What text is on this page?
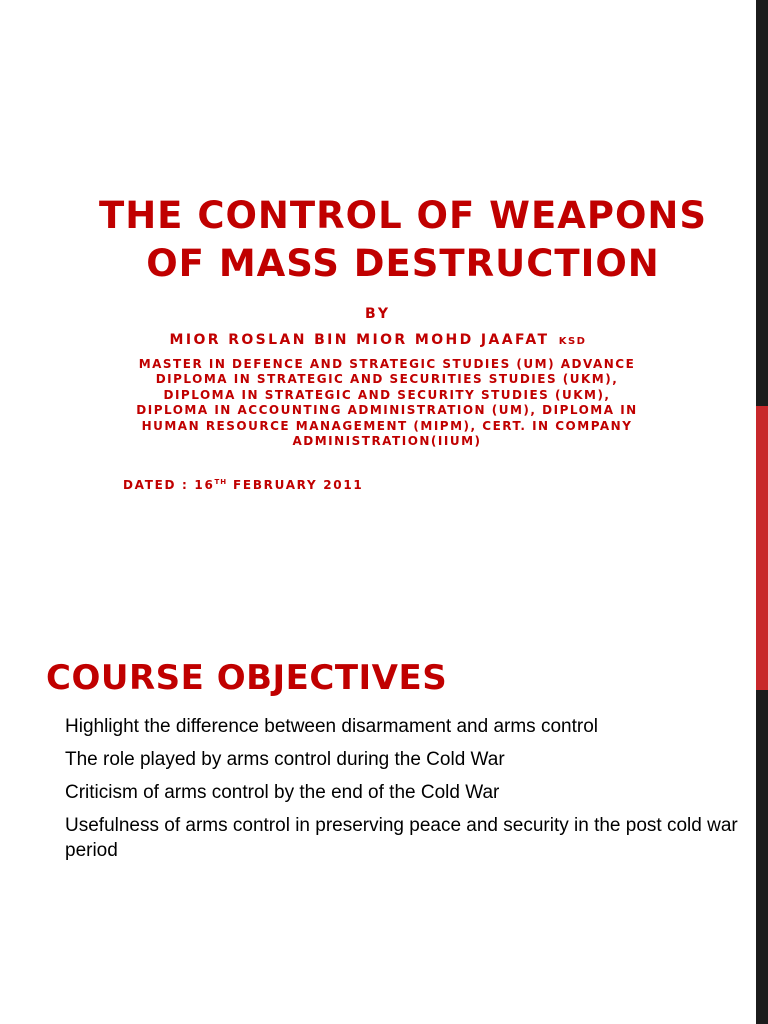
THE CONTROL OF WEAPONS
OF MASS DESTRUCTION
BY
MIOR ROSLAN BIN MIOR MOHD JAAFAT KSD

MASTER IN DEFENCE AND STRATEGIC STUDIES (UM) ADVANCE
DIPLOMA IN STRATEGIC AND SECURITIES STUDIES (UKM),
DIPLOMA IN STRATEGIC AND SECURITY STUDIES (UKM),
DIPLOMA IN ACCOUNTING ADMINISTRATION (UM), DIPLOMA IN
HUMAN RESOURCE MANAGEMENT (MIPM), CERT. IN COMPANY
ADMINISTRATION(IIUM)

DATED : 16TH FEBRUARY 2011
COURSE OBJECTIVES
Highlight the difference between disarmament and arms control
The role played by arms control during the Cold War
Criticism of arms control by the end of the Cold War
Usefulness of arms control in preserving peace and security in the post cold war period
